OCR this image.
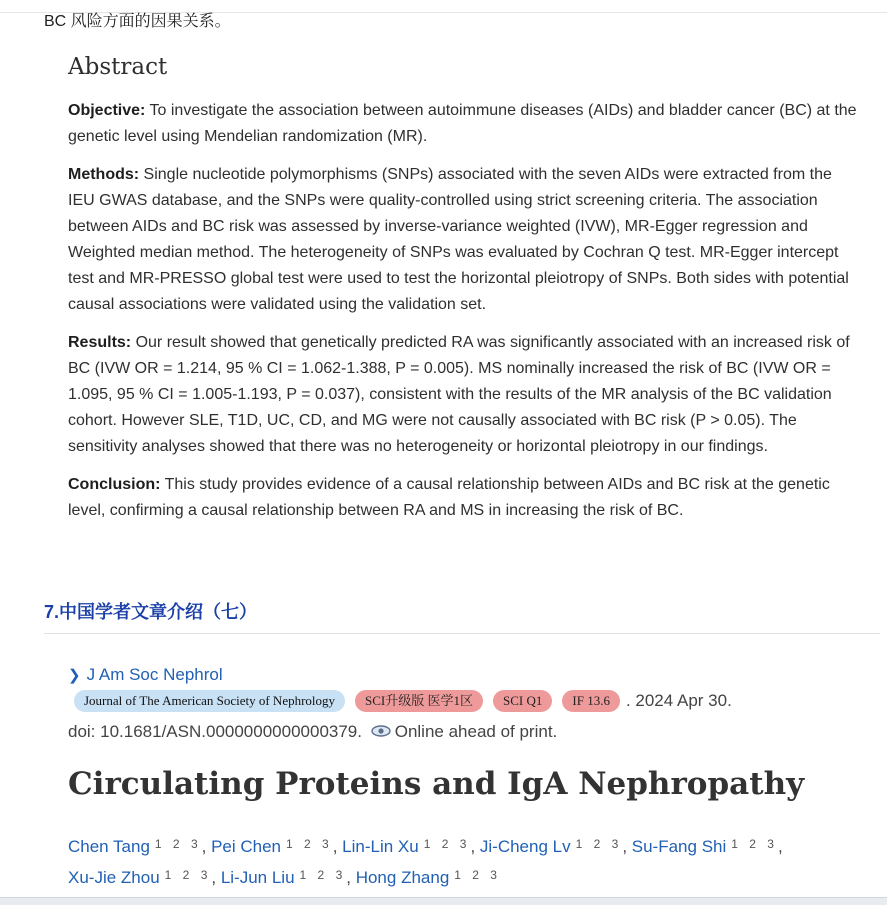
BC 风险方面的因果关系。
Abstract

Objective: To investigate the association between autoimmune diseases (AIDs) and bladder cancer (BC) at the genetic level using Mendelian randomization (MR).

Methods: Single nucleotide polymorphisms (SNPs) associated with the seven AIDs were extracted from the IEU GWAS database, and the SNPs were quality-controlled using strict screening criteria. The association between AIDs and BC risk was assessed by inverse-variance weighted (IVW), MR-Egger regression and Weighted median method. The heterogeneity of SNPs was evaluated by Cochran Q test. MR-Egger intercept test and MR-PRESSO global test were used to test the horizontal pleiotropy of SNPs. Both sides with potential causal associations were validated using the validation set.

Results: Our result showed that genetically predicted RA was significantly associated with an increased risk of BC (IVW OR = 1.214, 95 % CI = 1.062-1.388, P = 0.005). MS nominally increased the risk of BC (IVW OR = 1.095, 95 % CI = 1.005-1.193, P = 0.037), consistent with the results of the MR analysis of the BC validation cohort. However SLE, T1D, UC, CD, and MG were not causally associated with BC risk (P > 0.05). The sensitivity analyses showed that there was no heterogeneity or horizontal pleiotropy in our findings.

Conclusion: This study provides evidence of a causal relationship between AIDs and BC risk at the genetic level, confirming a causal relationship between RA and MS in increasing the risk of BC.

7.中国学者文章介绍（七）
❯ J Am Soc Nephrol
Journal of The American Society of Nephrology	SCI升级版 医学1区	SCI Q1	IF 13.6 . 2024 Apr 30.
doi: 10.1681/ASN.0000000000000379. Online ahead of print.
Circulating Proteins and IgA Nephropathy
Chen Tang $^{1 2 3}$, Pei Chen $^{1 2 3}$, Lin-Lin Xu $^{1 2 3}$, Ji-Cheng Lv $^{1 2 3}$, Su-Fang Shi $^{1 2 3}$,
Xu-Jie Zhou $^{1 2 3}$, Li-Jun Liu $^{1 2 3}$, Hong Zhang $^{1 2 3}$
